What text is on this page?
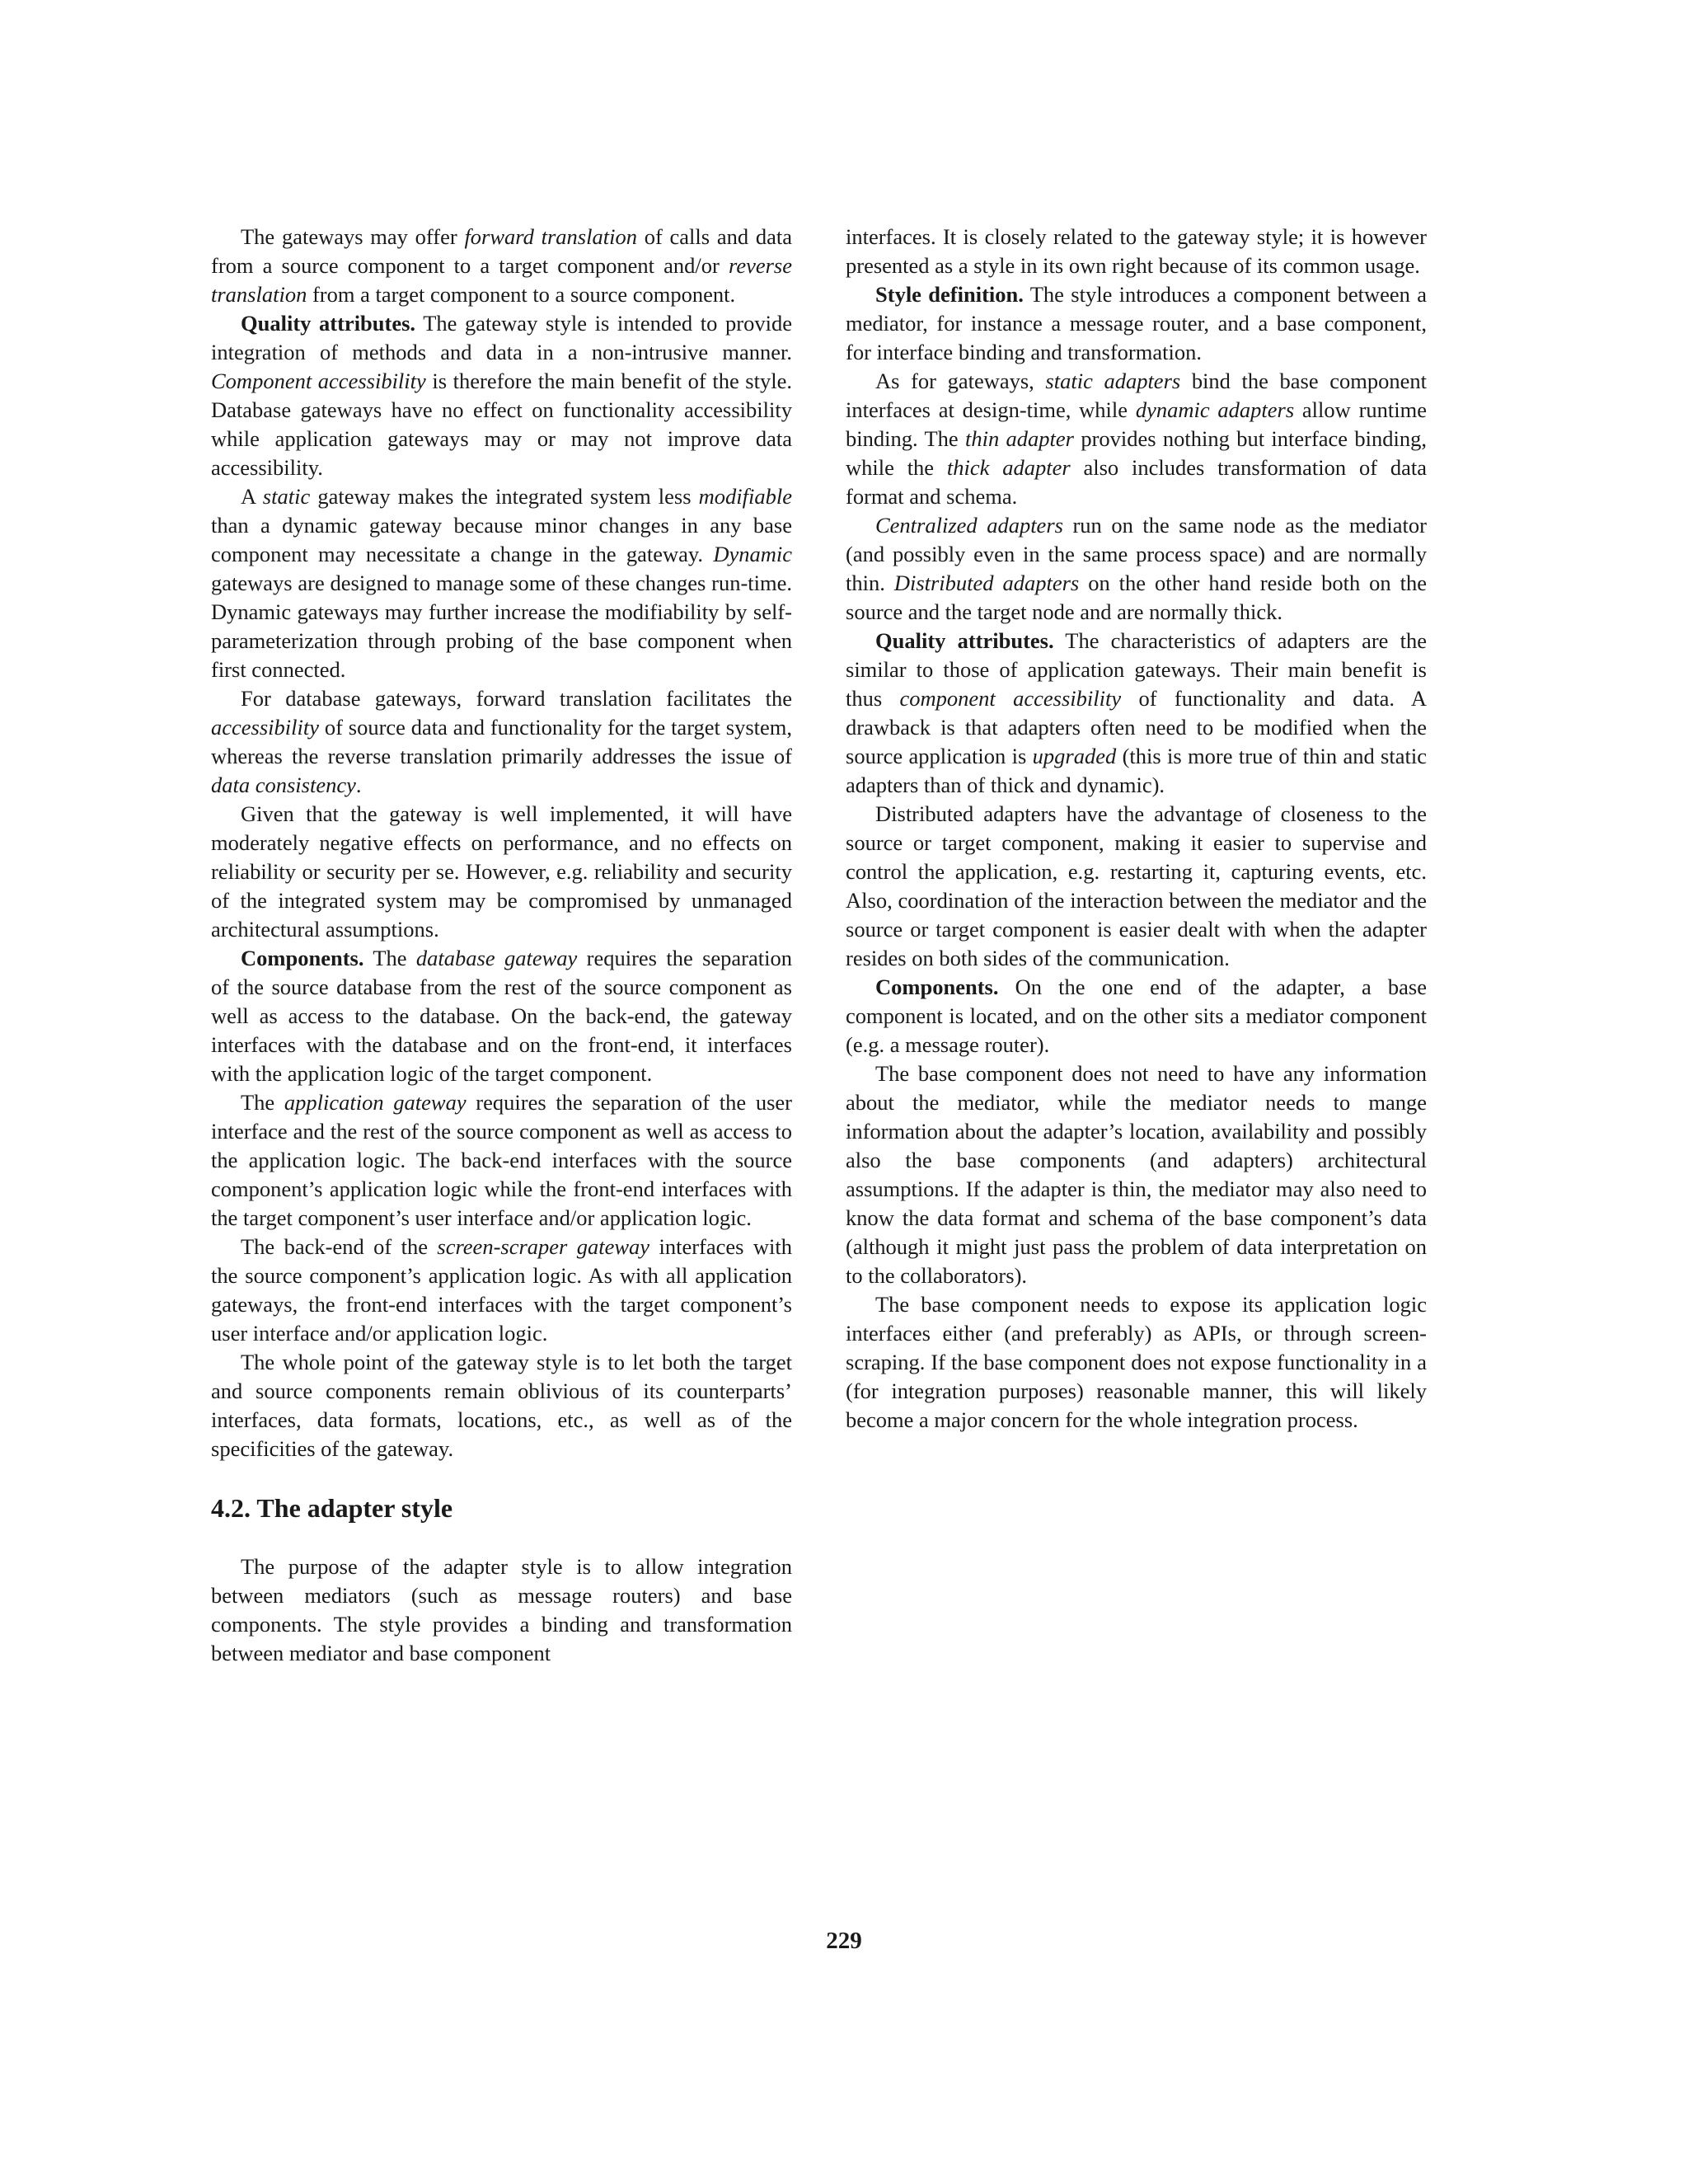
The gateways may offer forward translation of calls and data from a source component to a target component and/or reverse translation from a target component to a source component.

Quality attributes. The gateway style is intended to provide integration of methods and data in a non-intrusive manner. Component accessibility is therefore the main benefit of the style. Database gateways have no effect on functionality accessibility while application gateways may or may not improve data accessibility.

A static gateway makes the integrated system less modifiable than a dynamic gateway because minor changes in any base component may necessitate a change in the gateway. Dynamic gateways are designed to manage some of these changes run-time. Dynamic gateways may further increase the modifiability by self-parameterization through probing of the base component when first connected.

For database gateways, forward translation facilitates the accessibility of source data and functionality for the target system, whereas the reverse translation primarily addresses the issue of data consistency.

Given that the gateway is well implemented, it will have moderately negative effects on performance, and no effects on reliability or security per se. However, e.g. reliability and security of the integrated system may be compromised by unmanaged architectural assumptions.

Components. The database gateway requires the separation of the source database from the rest of the source component as well as access to the database. On the back-end, the gateway interfaces with the database and on the front-end, it interfaces with the application logic of the target component.

The application gateway requires the separation of the user interface and the rest of the source component as well as access to the application logic. The back-end interfaces with the source component’s application logic while the front-end interfaces with the target component’s user interface and/or application logic.

The back-end of the screen-scraper gateway interfaces with the source component’s application logic. As with all application gateways, the front-end interfaces with the target component’s user interface and/or application logic.

The whole point of the gateway style is to let both the target and source components remain oblivious of its counterparts’ interfaces, data formats, locations, etc., as well as of the specificities of the gateway.

4.2. The adapter style

The purpose of the adapter style is to allow integration between mediators (such as message routers) and base components. The style provides a binding and transformation between mediator and base component

interfaces. It is closely related to the gateway style; it is however presented as a style in its own right because of its common usage.

Style definition. The style introduces a component between a mediator, for instance a message router, and a base component, for interface binding and transformation.

As for gateways, static adapters bind the base component interfaces at design-time, while dynamic adapters allow runtime binding. The thin adapter provides nothing but interface binding, while the thick adapter also includes transformation of data format and schema.

Centralized adapters run on the same node as the mediator (and possibly even in the same process space) and are normally thin. Distributed adapters on the other hand reside both on the source and the target node and are normally thick.

Quality attributes. The characteristics of adapters are the similar to those of application gateways. Their main benefit is thus component accessibility of functionality and data. A drawback is that adapters often need to be modified when the source application is upgraded (this is more true of thin and static adapters than of thick and dynamic).

Distributed adapters have the advantage of closeness to the source or target component, making it easier to supervise and control the application, e.g. restarting it, capturing events, etc. Also, coordination of the interaction between the mediator and the source or target component is easier dealt with when the adapter resides on both sides of the communication.

Components. On the one end of the adapter, a base component is located, and on the other sits a mediator component (e.g. a message router).

The base component does not need to have any information about the mediator, while the mediator needs to mange information about the adapter’s location, availability and possibly also the base components (and adapters) architectural assumptions. If the adapter is thin, the mediator may also need to know the data format and schema of the base component’s data (although it might just pass the problem of data interpretation on to the collaborators).

The base component needs to expose its application logic interfaces either (and preferably) as APIs, or through screen-scraping. If the base component does not expose functionality in a (for integration purposes) reasonable manner, this will likely become a major concern for the whole integration process.

229
